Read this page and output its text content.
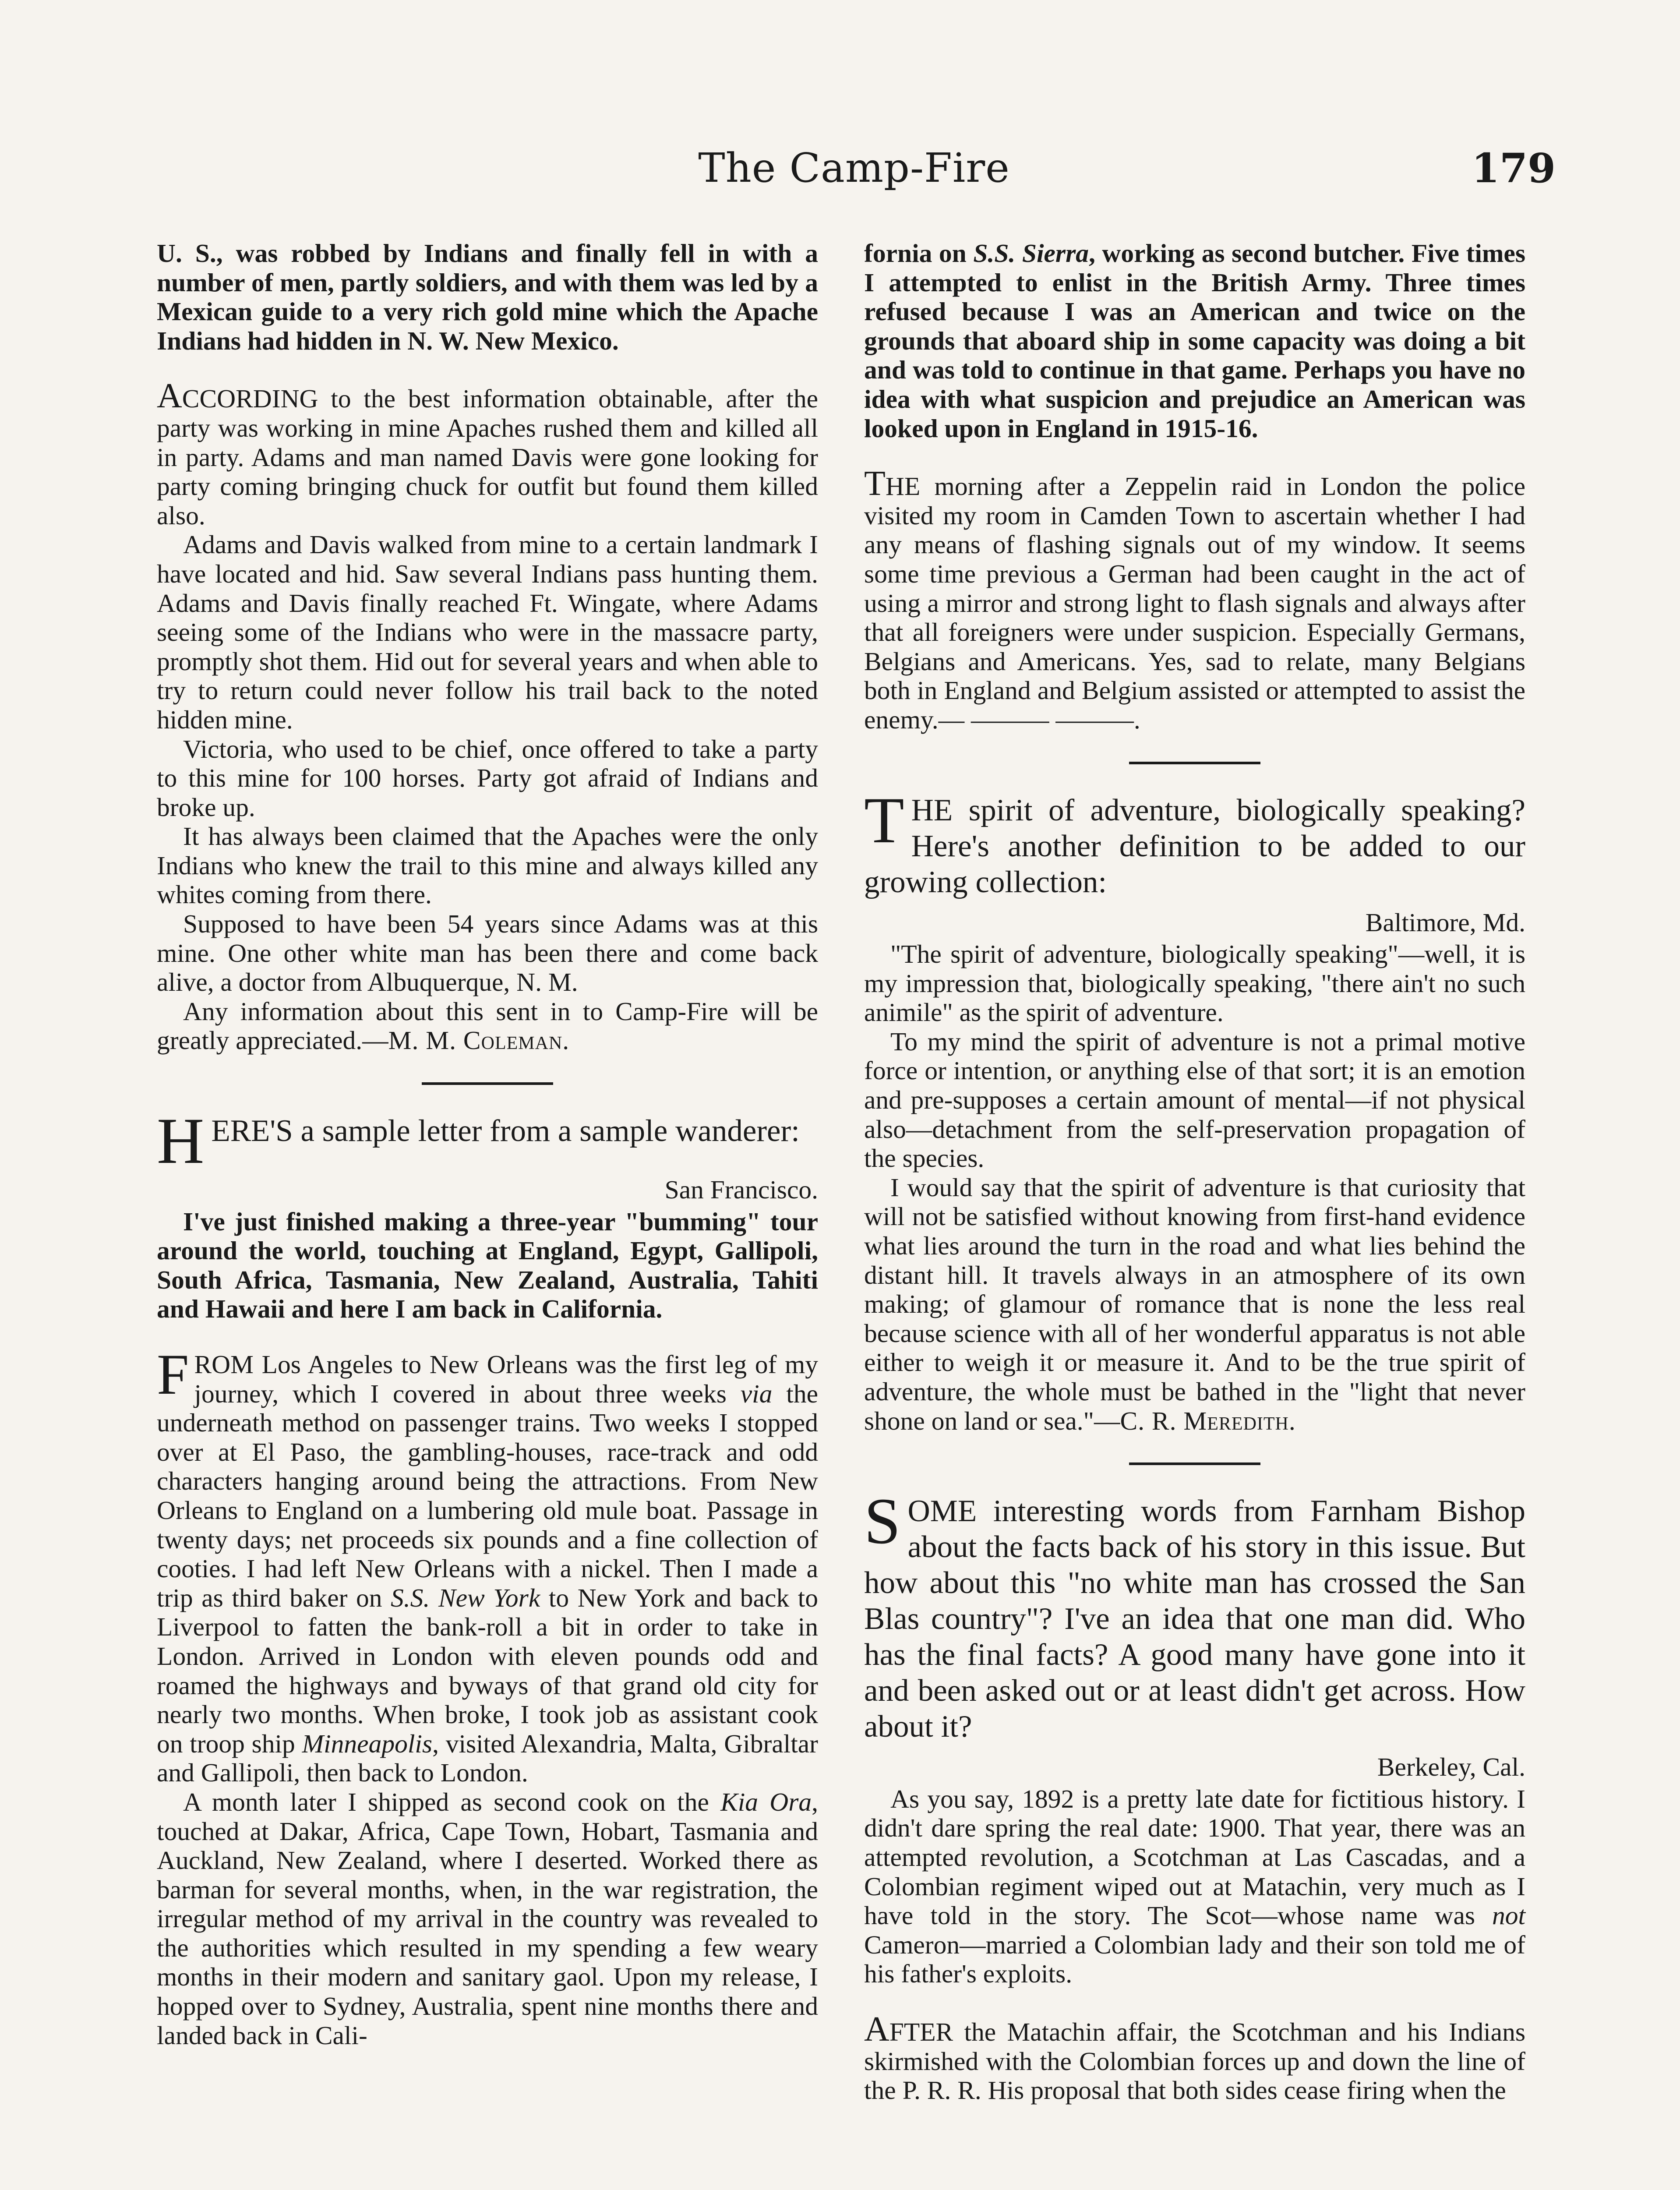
The Camp-Fire	179

U. S., was robbed by Indians and finally fell in with a number of men, partly soldiers, and with them was led by a Mexican guide to a very rich gold mine which the Apache Indians had hidden in N. W. New Mexico.

ACCORDING to the best information obtainable, after the party was working in mine Apaches rushed them and killed all in party. Adams and man named Davis were gone looking for party coming bringing chuck for outfit but found them killed also.

Adams and Davis walked from mine to a certain landmark I have located and hid. Saw several Indians pass hunting them. Adams and Davis finally reached Ft. Wingate, where Adams seeing some of the Indians who were in the massacre party, promptly shot them. Hid out for several years and when able to try to return could never follow his trail back to the noted hidden mine.

Victoria, who used to be chief, once offered to take a party to this mine for 100 horses. Party got afraid of Indians and broke up.

It has always been claimed that the Apaches were the only Indians who knew the trail to this mine and always killed any whites coming from there.

Supposed to have been 54 years since Adams was at this mine. One other white man has been there and come back alive, a doctor from Albuquerque, N. M.

Any information about this sent in to Camp-Fire will be greatly appreciated.—M. M. Coleman.

HERE'S a sample letter from a sample wanderer:

San Francisco.

I've just finished making a three-year "bumming" tour around the world, touching at England, Egypt, Gallipoli, South Africa, Tasmania, New Zealand, Australia, Tahiti and Hawaii and here I am back in California.

FROM Los Angeles to New Orleans was the first leg of my journey, which I covered in about three weeks via the underneath method on passenger trains. Two weeks I stopped over at El Paso, the gambling-houses, race-track and odd characters hanging around being the attractions. From New Orleans to England on a lumbering old mule boat. Passage in twenty days; net proceeds six pounds and a fine collection of cooties. I had left New Orleans with a nickel. Then I made a trip as third baker on S.S. New York to New York and back to Liverpool to fatten the bank-roll a bit in order to take in London. Arrived in London with eleven pounds odd and roamed the highways and byways of that grand old city for nearly two months. When broke, I took job as assistant cook on troop ship Minneapolis, visited Alexandria, Malta, Gibraltar and Gallipoli, then back to London.

A month later I shipped as second cook on the Kia Ora, touched at Dakar, Africa, Cape Town, Hobart, Tasmania and Auckland, New Zealand, where I deserted. Worked there as barman for several months, when, in the war registration, the irregular method of my arrival in the country was revealed to the authorities which resulted in my spending a few weary months in their modern and sanitary gaol. Upon my release, I hopped over to Sydney, Australia, spent nine months there and landed back in Cali-

fornia on S.S. Sierra, working as second butcher. Five times I attempted to enlist in the British Army. Three times refused because I was an American and twice on the grounds that aboard ship in some capacity was doing a bit and was told to continue in that game. Perhaps you have no idea with what suspicion and prejudice an American was looked upon in England in 1915-16.

THE morning after a Zeppelin raid in London the police visited my room in Camden Town to ascertain whether I had any means of flashing signals out of my window. It seems some time previous a German had been caught in the act of using a mirror and strong light to flash signals and always after that all foreigners were under suspicion. Especially Germans, Belgians and Americans. Yes, sad to relate, many Belgians both in England and Belgium assisted or attempted to assist the enemy.— ——— ———.

THE spirit of adventure, biologically speaking? Here's another definition to be added to our growing collection:

Baltimore, Md.

"The spirit of adventure, biologically speaking"—well, it is my impression that, biologically speaking, "there ain't no such animile" as the spirit of adventure.

To my mind the spirit of adventure is not a primal motive force or intention, or anything else of that sort; it is an emotion and pre-supposes a certain amount of mental—if not physical also—detachment from the self-preservation propagation of the species.

I would say that the spirit of adventure is that curiosity that will not be satisfied without knowing from first-hand evidence what lies around the turn in the road and what lies behind the distant hill. It travels always in an atmosphere of its own making; of glamour of romance that is none the less real because science with all of her wonderful apparatus is not able either to weigh it or measure it. And to be the true spirit of adventure, the whole must be bathed in the "light that never shone on land or sea."—C. R. Meredith.

SOME interesting words from Farnham Bishop about the facts back of his story in this issue. But how about this "no white man has crossed the San Blas country"? I've an idea that one man did. Who has the final facts? A good many have gone into it and been asked out or at least didn't get across. How about it?

Berkeley, Cal.

As you say, 1892 is a pretty late date for fictitious history. I didn't dare spring the real date: 1900. That year, there was an attempted revolution, a Scotchman at Las Cascadas, and a Colombian regiment wiped out at Matachin, very much as I have told in the story. The Scot—whose name was not Cameron—married a Colombian lady and their son told me of his father's exploits.

AFTER the Matachin affair, the Scotchman and his Indians skirmished with the Colombian forces up and down the line of the P. R. R. His proposal that both sides cease firing when the
